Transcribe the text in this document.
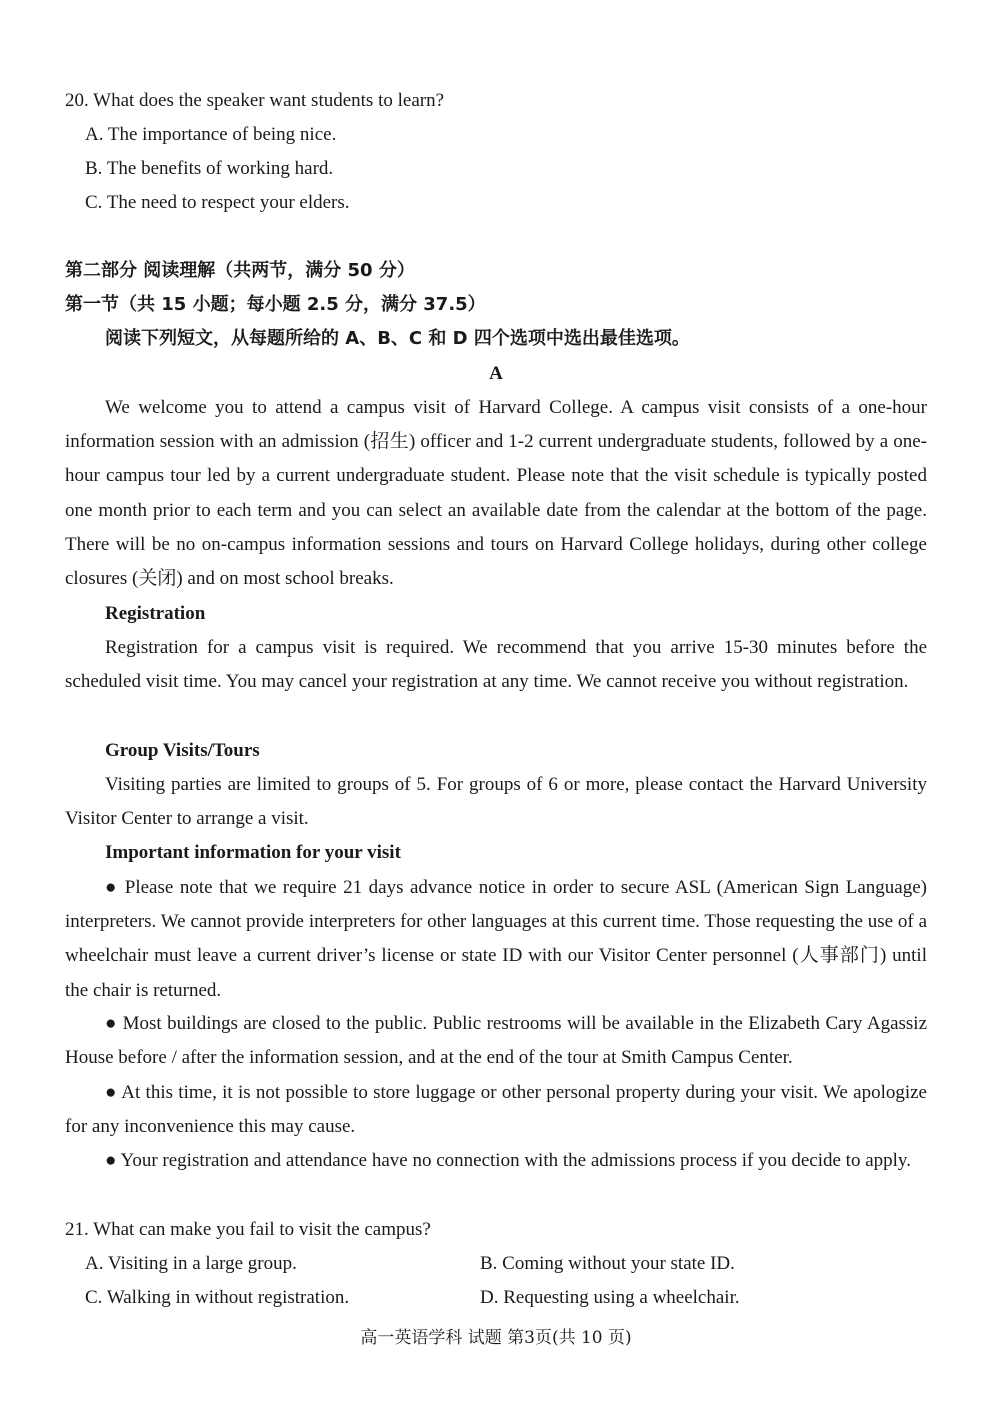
20. What does the speaker want students to learn?
A. The importance of being nice.
B. The benefits of working hard.
C. The need to respect your elders.
第二部分 阅读理解（共两节，满分 50 分）
第一节（共 15 小题；每小题 2.5 分，满分 37.5）
阅读下列短文，从每题所给的 A、B、C 和 D 四个选项中选出最佳选项。
A

We welcome you to attend a campus visit of Harvard College. A campus visit consists of a one-hour information session with an admission (招生) officer and 1-2 current undergraduate students, followed by a one-hour campus tour led by a current undergraduate student. Please note that the visit schedule is typically posted one month prior to each term and you can select an available date from the calendar at the bottom of the page. There will be no on-campus information sessions and tours on Harvard College holidays, during other college closures (关闭) and on most school breaks.

Registration

Registration for a campus visit is required. We recommend that you arrive 15-30 minutes before the scheduled visit time. You may cancel your registration at any time. We cannot receive you without registration.

Group Visits/Tours

Visiting parties are limited to groups of 5. For groups of 6 or more, please contact the Harvard University Visitor Center to arrange a visit.

Important information for your visit

● Please note that we require 21 days advance notice in order to secure ASL (American Sign Language) interpreters. We cannot provide interpreters for other languages at this current time. Those requesting the use of a wheelchair must leave a current driver’s license or state ID with our Visitor Center personnel (人事部门) until the chair is returned.

● Most buildings are closed to the public. Public restrooms will be available in the Elizabeth Cary Agassiz House before / after the information session, and at the end of the tour at Smith Campus Center.

● At this time, it is not possible to store luggage or other personal property during your visit. We apologize for any inconvenience this may cause.

● Your registration and attendance have no connection with the admissions process if you decide to apply.

21. What can make you fail to visit the campus?
A. Visiting in a large group.	B. Coming without your state ID.
C. Walking in without registration.	D. Requesting using a wheelchair.
高一英语学科 试题 第3页(共 10 页)
